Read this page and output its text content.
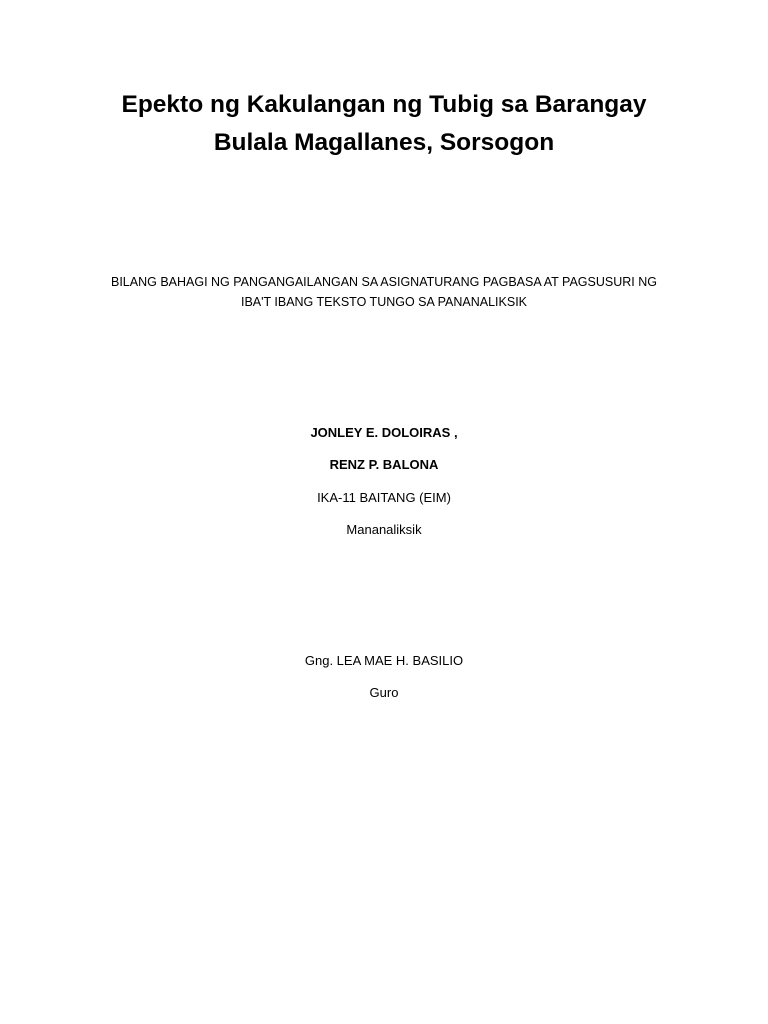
Epekto ng Kakulangan ng Tubig sa Barangay
Bulala Magallanes, Sorsogon

BILANG BAHAGI NG PANGANGAILANGAN SA ASIGNATURANG PAGBASA AT PAGSUSURI NG
IBA'T IBANG TEKSTO TUNGO SA PANANALIKSIK

JONLEY E. DOLOIRAS ,

RENZ P. BALONA

IKA-11 BAITANG (EIM)

Mananaliksik

Gng. LEA MAE H. BASILIO

Guro
